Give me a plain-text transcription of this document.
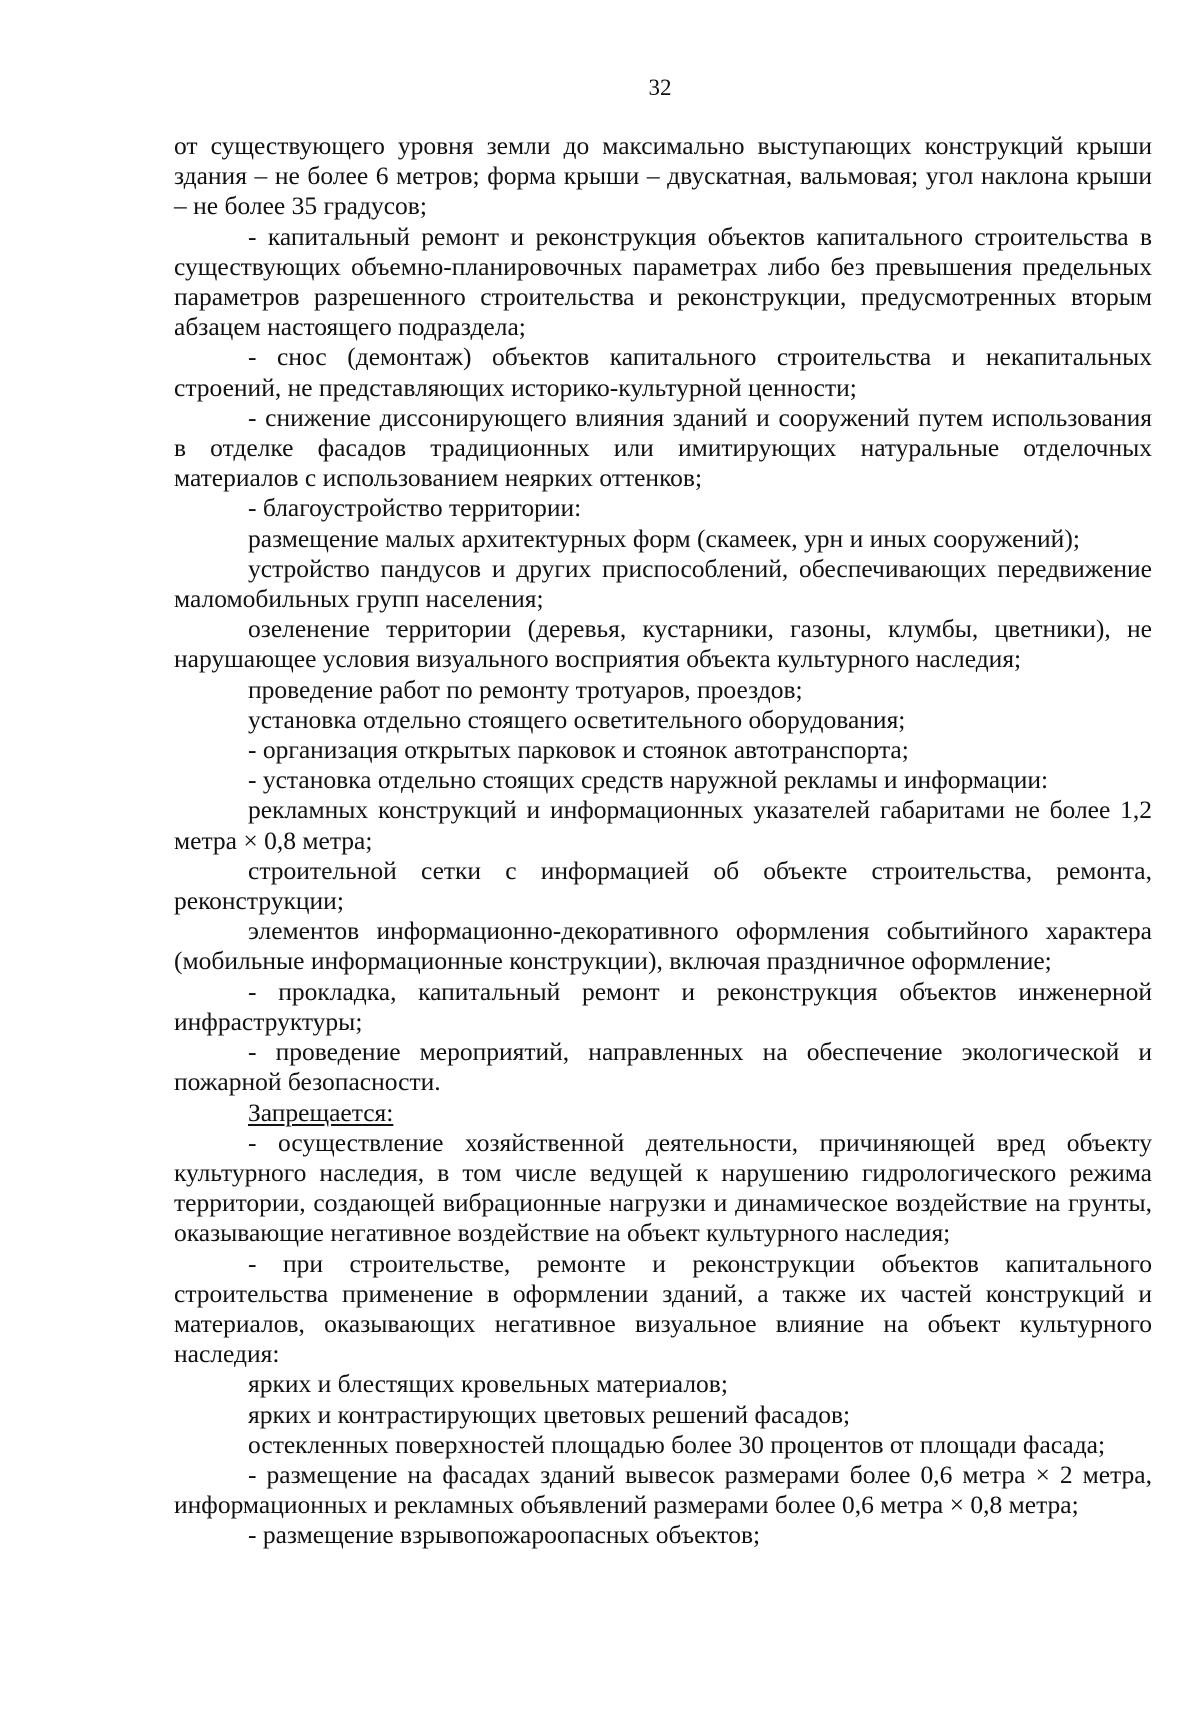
32

от существующего уровня земли до максимально выступающих конструкций крыши здания – не более 6 метров; форма крыши – двускатная, вальмовая; угол наклона крыши – не более 35 градусов;

- капитальный ремонт и реконструкция объектов капитального строительства в существующих объемно-планировочных параметрах либо без превышения предельных параметров разрешенного строительства и реконструкции, предусмотренных вторым абзацем настоящего подраздела;

- снос (демонтаж) объектов капитального строительства и некапитальных строений, не представляющих историко-культурной ценности;

- снижение диссонирующего влияния зданий и сооружений путем использования в отделке фасадов традиционных или имитирующих натуральные отделочных материалов с использованием неярких оттенков;

- благоустройство территории:

размещение малых архитектурных форм (скамеек, урн и иных сооружений);

устройство пандусов и других приспособлений, обеспечивающих передвижение маломобильных групп населения;

озеленение территории (деревья, кустарники, газоны, клумбы, цветники), не нарушающее условия визуального восприятия объекта культурного наследия;

проведение работ по ремонту тротуаров, проездов;

установка отдельно стоящего осветительного оборудования;

- организация открытых парковок и стоянок автотранспорта;

- установка отдельно стоящих средств наружной рекламы и информации:

рекламных конструкций и информационных указателей габаритами не более 1,2 метра × 0,8 метра;

строительной сетки с информацией об объекте строительства, ремонта, реконструкции;

элементов информационно-декоративного оформления событийного характера (мобильные информационные конструкции), включая праздничное оформление;

- прокладка, капитальный ремонт и реконструкция объектов инженерной инфраструктуры;

- проведение мероприятий, направленных на обеспечение экологической и пожарной безопасности.

Запрещается:

- осуществление хозяйственной деятельности, причиняющей вред объекту культурного наследия, в том числе ведущей к нарушению гидрологического режима территории, создающей вибрационные нагрузки и динамическое воздействие на грунты, оказывающие негативное воздействие на объект культурного наследия;

- при строительстве, ремонте и реконструкции объектов капитального строительства применение в оформлении зданий, а также их частей конструкций и материалов, оказывающих негативное визуальное влияние на объект культурного наследия:

ярких и блестящих кровельных материалов;

ярких и контрастирующих цветовых решений фасадов;

остекленных поверхностей площадью более 30 процентов от площади фасада;

- размещение на фасадах зданий вывесок размерами более 0,6 метра × 2 метра, информационных и рекламных объявлений размерами более 0,6 метра × 0,8 метра;

- размещение взрывопожароопасных объектов;
